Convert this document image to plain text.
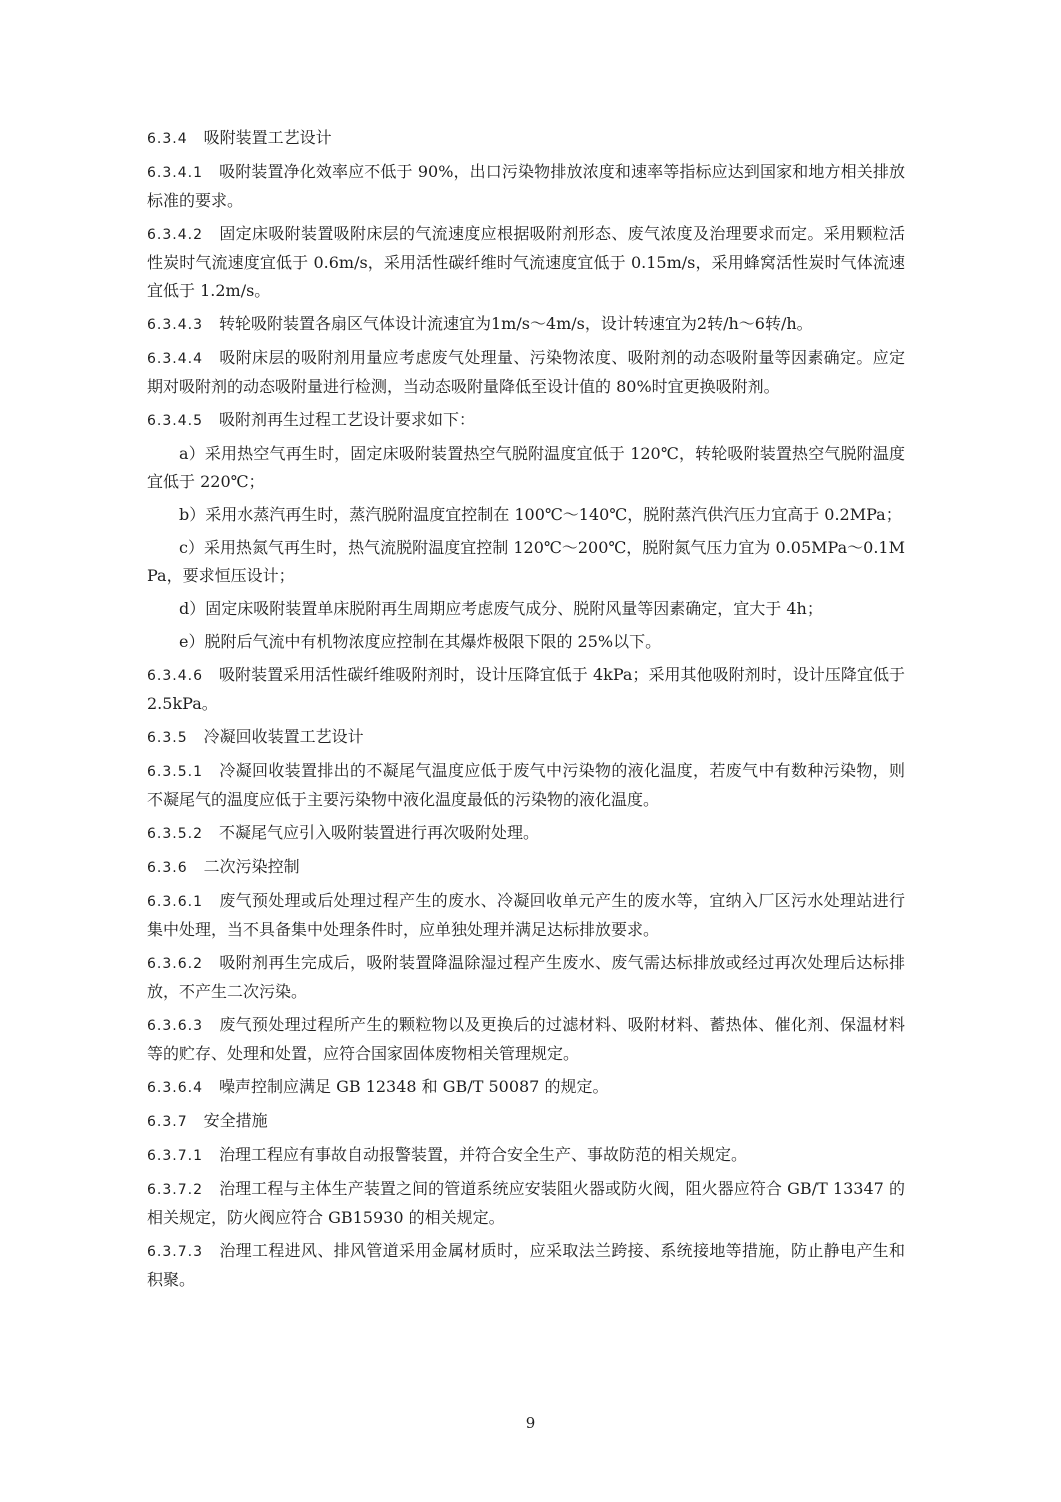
6.3.4 吸附装置工艺设计
6.3.4.1 吸附装置净化效率应不低于 90%，出口污染物排放浓度和速率等指标应达到国家和地方相关排放标准的要求。
6.3.4.2 固定床吸附装置吸附床层的气流速度应根据吸附剂形态、废气浓度及治理要求而定。采用颗粒活性炭时气流速度宜低于 0.6m/s，采用活性碳纤维时气流速度宜低于 0.15m/s，采用蜂窝活性炭时气体流速宜低于 1.2m/s。
6.3.4.3 转轮吸附装置各扇区气体设计流速宜为1m/s～4m/s，设计转速宜为2转/h～6转/h。
6.3.4.4 吸附床层的吸附剂用量应考虑废气处理量、污染物浓度、吸附剂的动态吸附量等因素确定。应定期对吸附剂的动态吸附量进行检测，当动态吸附量降低至设计值的 80%时宜更换吸附剂。
6.3.4.5 吸附剂再生过程工艺设计要求如下：
a）采用热空气再生时，固定床吸附装置热空气脱附温度宜低于 120℃，转轮吸附装置热空气脱附温度宜低于 220℃；
b）采用水蒸汽再生时，蒸汽脱附温度宜控制在 100℃～140℃，脱附蒸汽供汽压力宜高于 0.2MPa；
c）采用热氮气再生时，热气流脱附温度宜控制 120℃～200℃，脱附氮气压力宜为 0.05MPa～0.1MPa，要求恒压设计；
d）固定床吸附装置单床脱附再生周期应考虑废气成分、脱附风量等因素确定，宜大于 4h；
e）脱附后气流中有机物浓度应控制在其爆炸极限下限的 25%以下。
6.3.4.6 吸附装置采用活性碳纤维吸附剂时，设计压降宜低于 4kPa；采用其他吸附剂时，设计压降宜低于 2.5kPa。
6.3.5 冷凝回收装置工艺设计
6.3.5.1 冷凝回收装置排出的不凝尾气温度应低于废气中污染物的液化温度，若废气中有数种污染物，则不凝尾气的温度应低于主要污染物中液化温度最低的污染物的液化温度。
6.3.5.2 不凝尾气应引入吸附装置进行再次吸附处理。
6.3.6 二次污染控制
6.3.6.1 废气预处理或后处理过程产生的废水、冷凝回收单元产生的废水等，宜纳入厂区污水处理站进行集中处理，当不具备集中处理条件时，应单独处理并满足达标排放要求。
6.3.6.2 吸附剂再生完成后，吸附装置降温除湿过程产生废水、废气需达标排放或经过再次处理后达标排放，不产生二次污染。
6.3.6.3 废气预处理过程所产生的颗粒物以及更换后的过滤材料、吸附材料、蓄热体、催化剂、保温材料等的贮存、处理和处置，应符合国家固体废物相关管理规定。
6.3.6.4 噪声控制应满足 GB 12348 和 GB/T 50087 的规定。
6.3.7 安全措施
6.3.7.1 治理工程应有事故自动报警装置，并符合安全生产、事故防范的相关规定。
6.3.7.2 治理工程与主体生产装置之间的管道系统应安装阻火器或防火阀，阻火器应符合 GB/T 13347 的相关规定，防火阀应符合 GB15930 的相关规定。
6.3.7.3 治理工程进风、排风管道采用金属材质时，应采取法兰跨接、系统接地等措施，防止静电产生和积聚。
9
